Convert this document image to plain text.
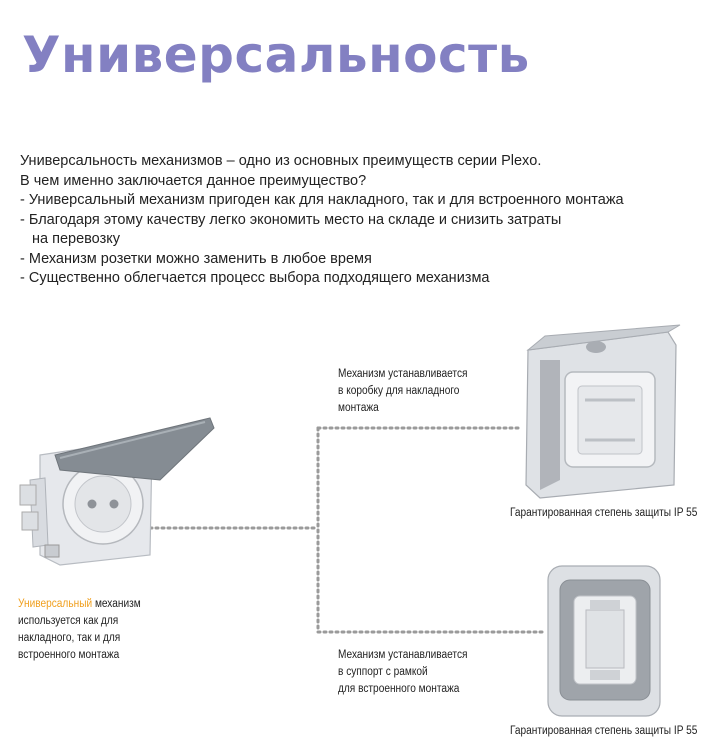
Универсальность
Универсальность механизмов – одно из основных преимуществ серии Plexo.
В чем именно заключается данное преимущество?
- Универсальный механизм пригоден как для накладного, так и для встроенного монтажа
- Благодаря этому качеству легко экономить место на складе и снизить затраты
на перевозку
- Механизм розетки можно заменить в любое время
- Существенно облегчается процесс выбора подходящего механизма
Механизм устанавливается
в коробку для накладного
монтажа
Гарантированная степень защиты IP 55
Универсальный механизм
используется как для
накладного, так и для
встроенного монтажа	Механизм устанавливается
в суппорт с рамкой
для встроенного монтажа
Гарантированная степень защиты IP 55
